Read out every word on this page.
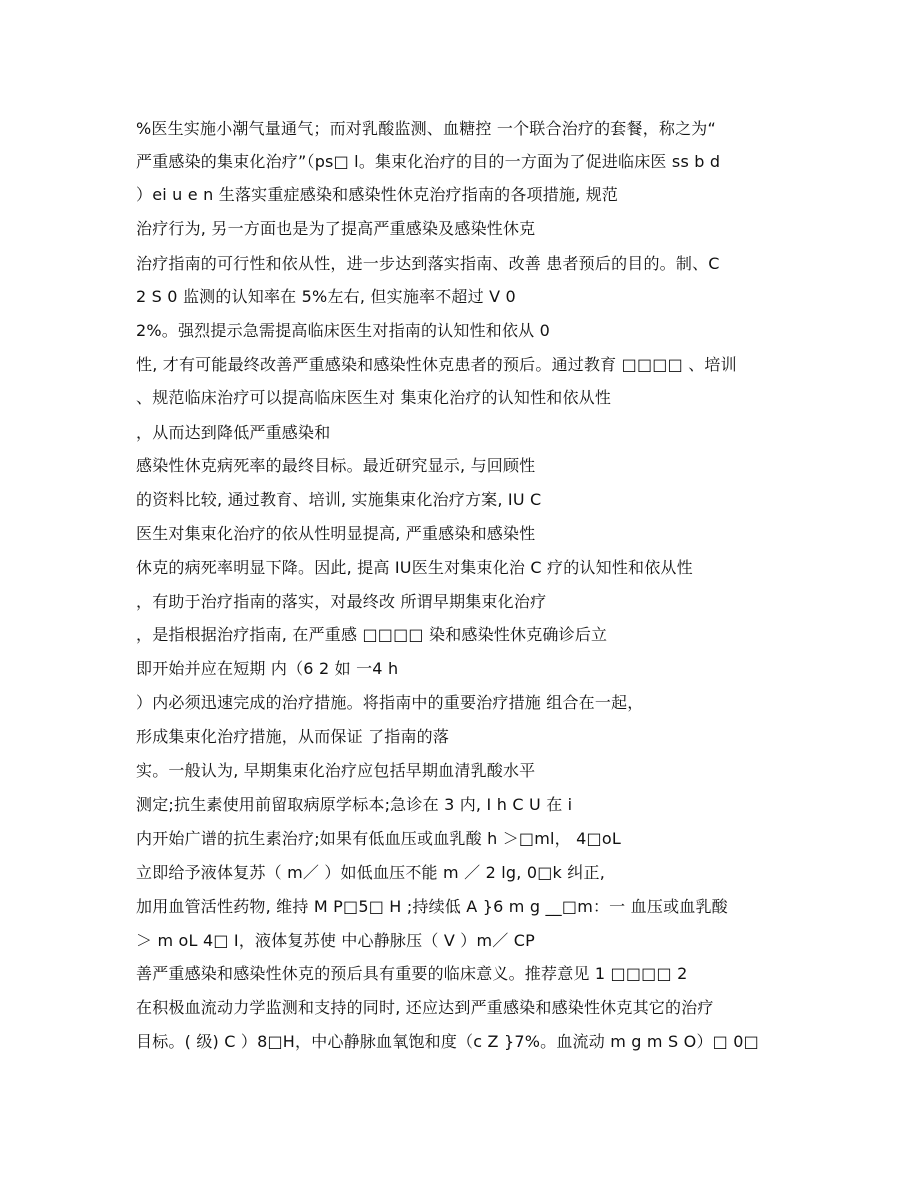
%医生实施小潮气量通气；而对乳酸监测、血糖控 一个联合治疗的套餐，称之为“
严重感染的集束化治疗”（ps□ l。集束化治疗的目的一方面为了促进临床医 ss b d
）ei u e n 生落实重症感染和感染性休克治疗指南的各项措施, 规范
治疗行为, 另一方面也是为了提高严重感染及感染性休克
治疗指南的可行性和依从性，进一步达到落实指南、改善 患者预后的目的。制、C
2 S 0 监测的认知率在 5%左右, 但实施率不超过 V 0
2%。强烈提示急需提高临床医生对指南的认知性和依从 0
性, 才有可能最终改善严重感染和感染性休克患者的预后。通过教育 □□□□ 、培训
、规范临床治疗可以提高临床医生对 集束化治疗的认知性和依从性
，从而达到降低严重感染和
感染性休克病死率的最终目标。最近研究显示, 与回顾性
的资料比较, 通过教育、培训, 实施集束化治疗方案, IU C
医生对集束化治疗的依从性明显提高, 严重感染和感染性
休克的病死率明显下降。因此, 提高 IU医生对集束化治 C 疗的认知性和依从性
，有助于治疗指南的落实，对最终改 所谓早期集束化治疗
，是指根据治疗指南, 在严重感 □□□□ 染和感染性休克确诊后立
即开始并应在短期 内（6 2 如 一4 h
）内必须迅速完成的治疗措施。将指南中的重要治疗措施 组合在一起，
形成集束化治疗措施，从而保证 了指南的落
实。一般认为, 早期集束化治疗应包括早期血清乳酸水平
测定;抗生素使用前留取病原学标本;急诊在 3 内, I h C U 在 i
内开始广谱的抗生素治疗;如果有低血压或血乳酸 h ＞□ml， 4□oL
立即给予液体复苏（ m／ ）如低血压不能 m ／ 2 lg, 0□k 纠正,
加用血管活性药物, 维持 M P□5□ H ;持续低 A }6 m g __□m：一 血压或血乳酸
＞ m oL 4□ I，液体复苏使 中心静脉压（ V ）m／ CP
善严重感染和感染性休克的预后具有重要的临床意义。推荐意见 1 □□□□ 2
在积极血流动力学监测和支持的同时, 还应达到严重感染和感染性休克其它的治疗
目标。( 级) C ）8□H，中心静脉血氧饱和度（c Z }7%。血流动 m g m S O）□ 0□
